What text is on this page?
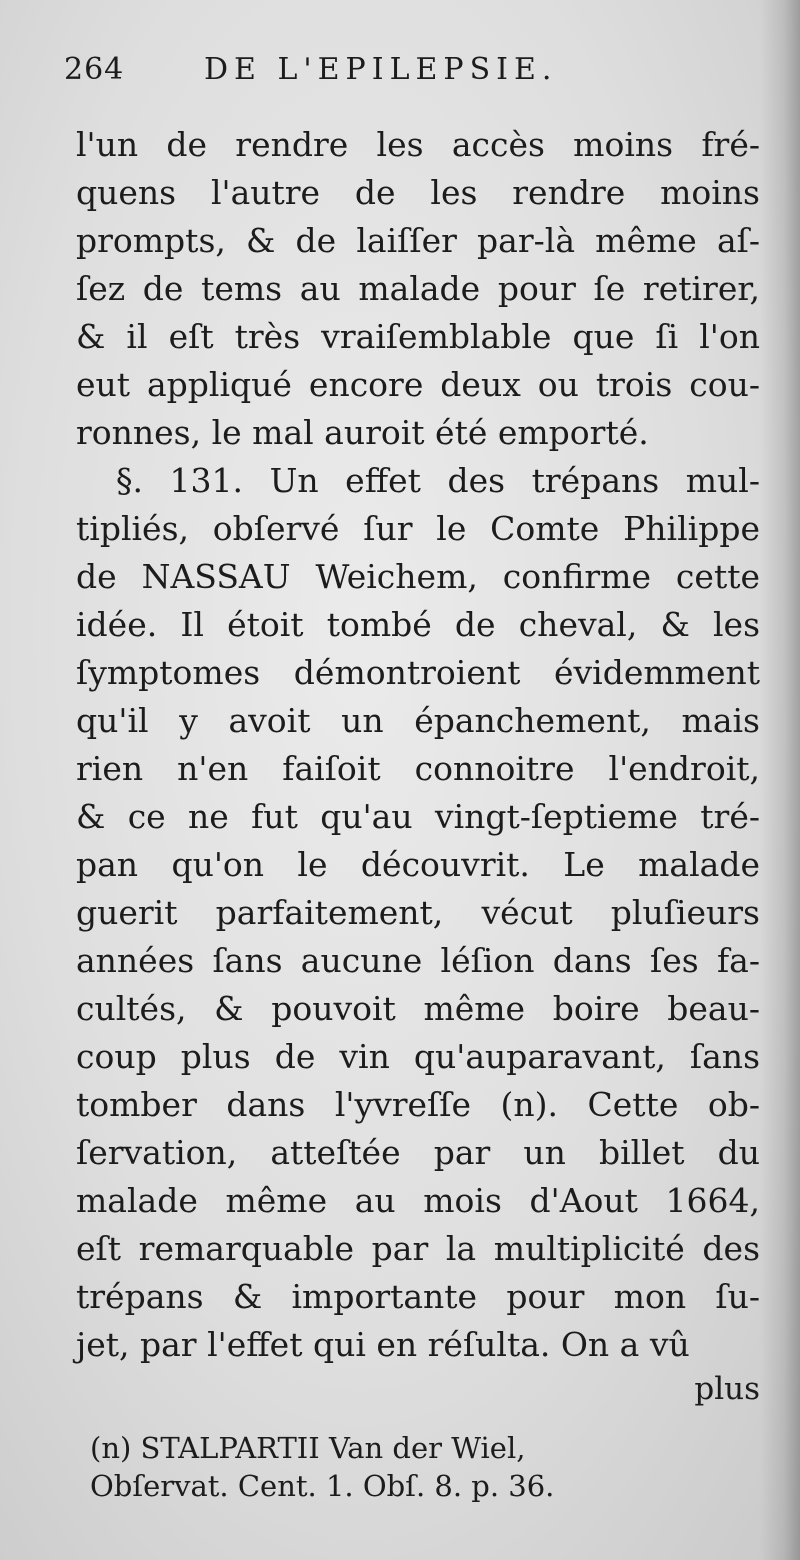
264	DE L'EPILEPSIE.
l'un de rendre les accès moins fré-
quens l'autre de les rendre moins
prompts, & de laiſſer par-là même aſ-
ſez de tems au malade pour ſe retirer,
& il eſt très vraiſemblable que ſi l'on
eut appliqué encore deux ou trois cou-
ronnes, le mal auroit été emporté.
§. 131. Un effet des trépans mul-
tipliés, obſervé ſur le Comte Philippe
de NASSAU Weichem, confirme cette
idée. Il étoit tombé de cheval, & les
ſymptomes démontroient évidemment
qu'il y avoit un épanchement, mais
rien n'en faiſoit connoitre l'endroit,
& ce ne fut qu'au vingt-ſeptieme tré-
pan qu'on le découvrit. Le malade
guerit parfaitement, vécut pluſieurs
années ſans aucune léſion dans ſes fa-
cultés, & pouvoit même boire beau-
coup plus de vin qu'auparavant, ſans
tomber dans l'yvreſſe (n). Cette ob-
ſervation, atteſtée par un billet du
malade même au mois d'Aout 1664,
eſt remarquable par la multiplicité des
trépans & importante pour mon ſu-
jet, par l'effet qui en réſulta. On a vû
plus
(n) STALPARTII Van der Wiel,
Obſervat. Cent. 1. Obſ. 8. p. 36.
